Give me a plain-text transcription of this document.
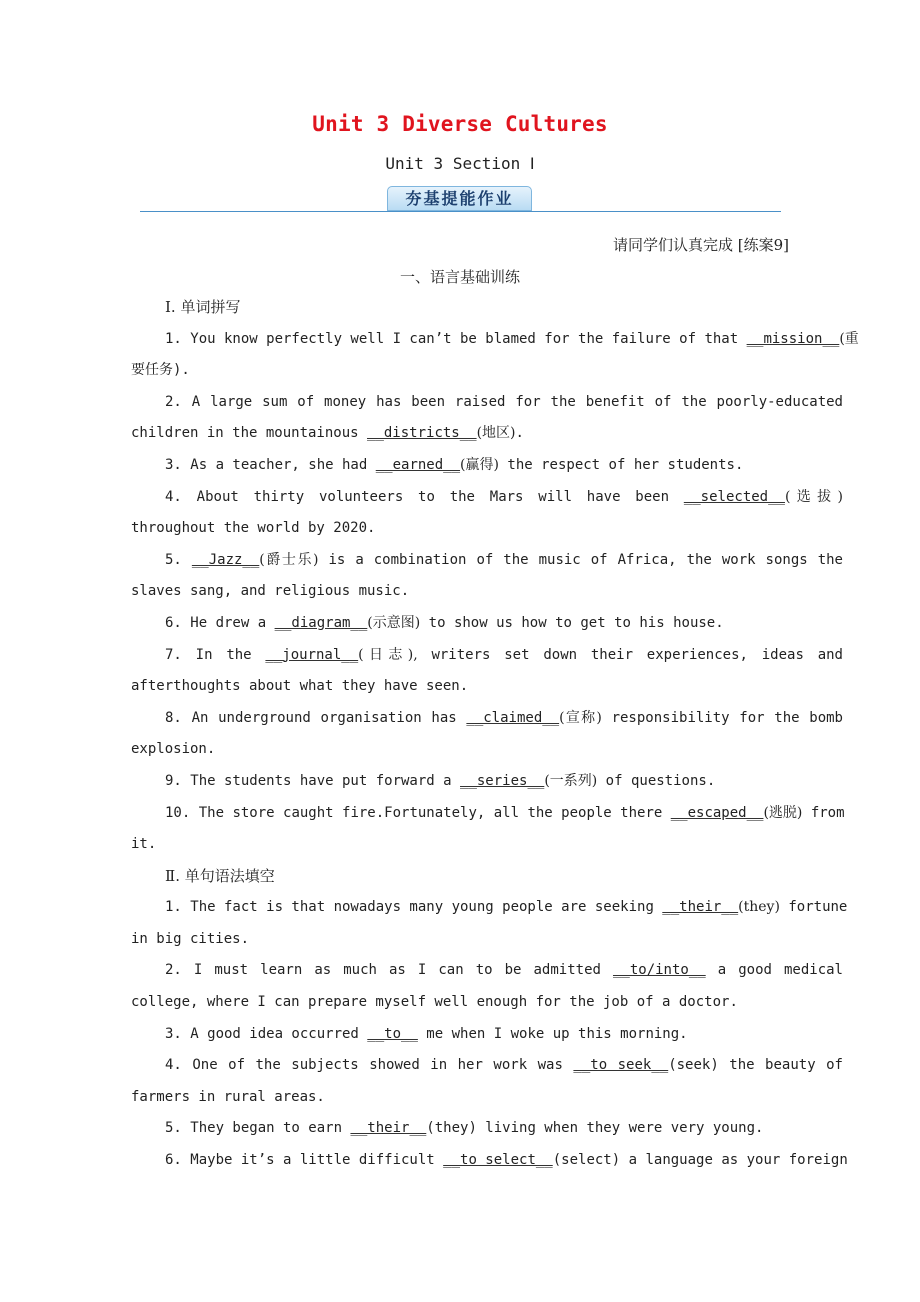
Unit 3 Diverse Cultures
Unit 3 Section Ⅰ
夯基提能作业
请同学们认真完成 [练案9]
一、语言基础训练
Ⅰ. 单词拼写
1. You know perfectly well I can’t be blamed for the failure of that __mission__(重
要任务).
2. A large sum of money has been raised for the benefit of the poorly-educated
children in the mountainous __districts__(地区).
3. As a teacher, she had __earned__(赢得) the respect of her students.
4. About thirty volunteers to the Mars will have been __selected__(选拔)
throughout the world by 2020.
5. __Jazz__(爵士乐) is a combination of the music of Africa, the work songs the
slaves sang, and religious music.
6. He drew a __diagram__(示意图) to show us how to get to his house.
7. In the __journal__(日志), writers set down their experiences, ideas and
afterthoughts about what they have seen.
8. An underground organisation has __claimed__(宣称) responsibility for the bomb
explosion.
9. The students have put forward a __series__(一系列) of questions.
10. The store caught fire.Fortunately, all the people there __escaped__(逃脱) from
it.
Ⅱ. 单句语法填空
1. The fact is that nowadays many young people are seeking __their__(they) fortune
in big cities.
2. I must learn as much as I can to be admitted __to/into__ a good medical
college, where I can prepare myself well enough for the job of a doctor.
3. A good idea occurred __to__ me when I woke up this morning.
4. One of the subjects showed in her work was __to seek__(seek) the beauty of
farmers in rural areas.
5. They began to earn __their__(they) living when they were very young.
6. Maybe it’s a little difficult __to select__(select) a language as your foreign
